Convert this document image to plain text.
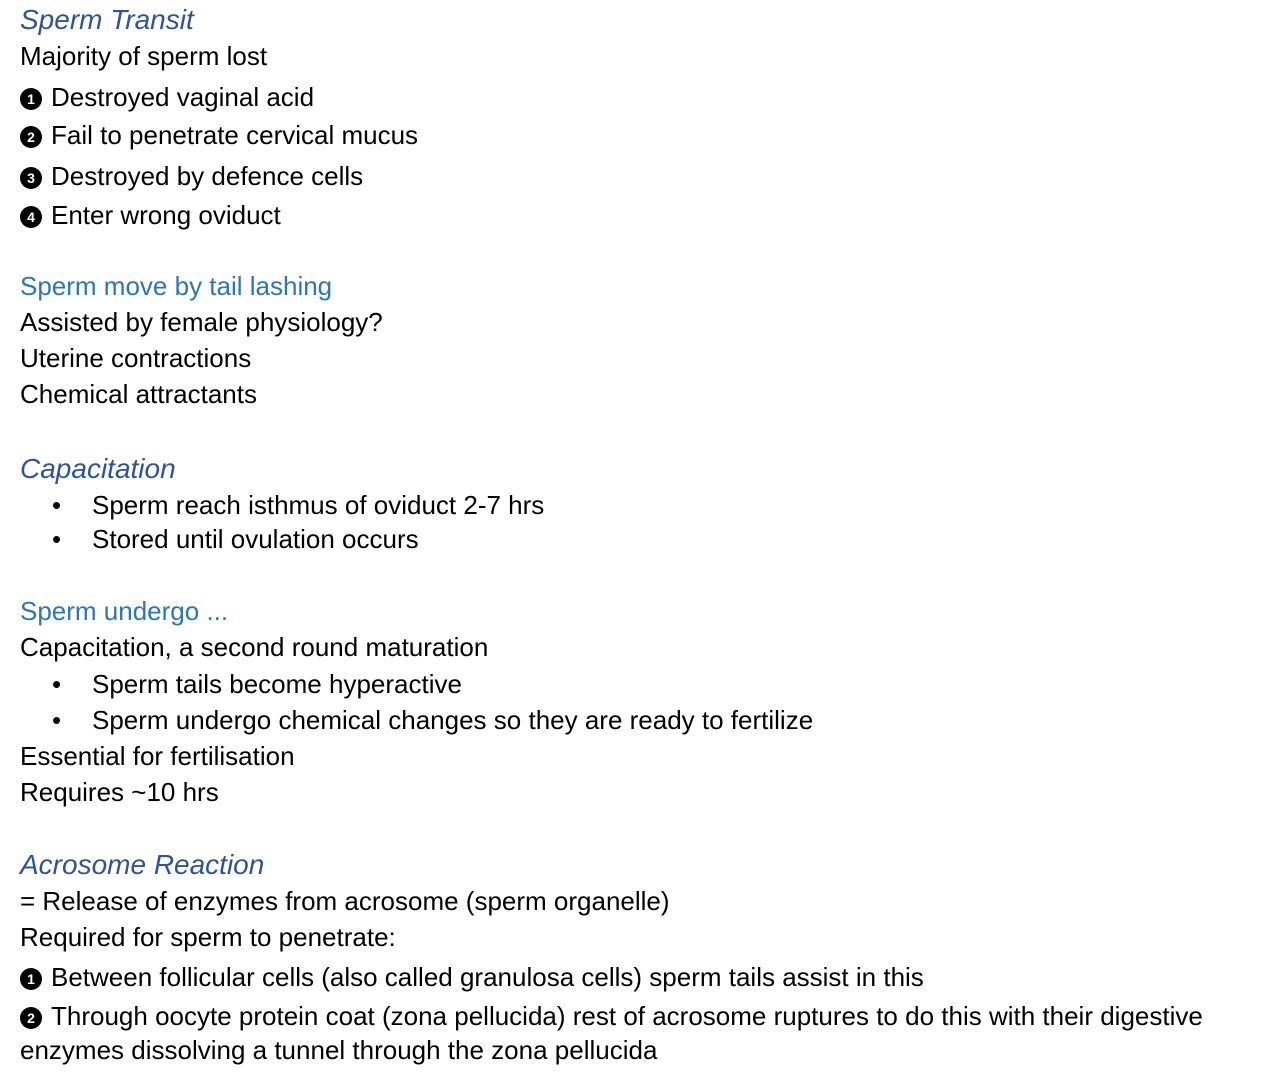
Sperm Transit
Majority of sperm lost
1 Destroyed vaginal acid
2 Fail to penetrate cervical mucus
3 Destroyed by defence cells
4 Enter wrong oviduct
Sperm move by tail lashing
Assisted by female physiology?
Uterine contractions
Chemical attractants
Capacitation
• Sperm reach isthmus of oviduct 2-7 hrs
• Stored until ovulation occurs
Sperm undergo ...
Capacitation, a second round maturation
• Sperm tails become hyperactive
• Sperm undergo chemical changes so they are ready to fertilize
Essential for fertilisation
Requires ~10 hrs
Acrosome Reaction
= Release of enzymes from acrosome (sperm organelle)
Required for sperm to penetrate:
1 Between follicular cells (also called granulosa cells) sperm tails assist in this
2 Through oocyte protein coat (zona pellucida) rest of acrosome ruptures to do this with their digestive enzymes dissolving a tunnel through the zona pellucida
